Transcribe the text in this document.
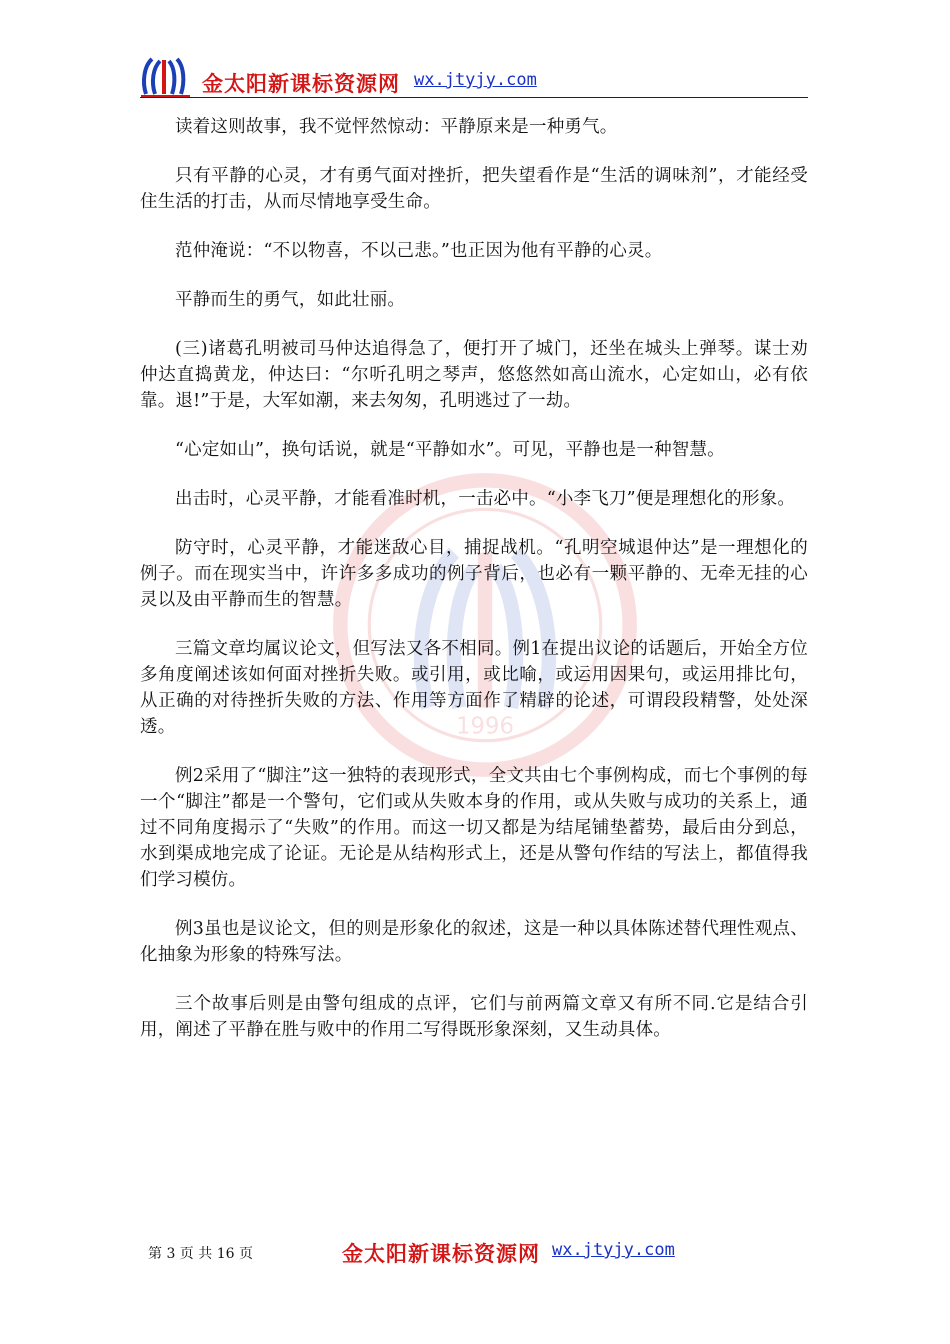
金太阳新课标资源网 wx.jtyjy.com
1996

读着这则故事，我不觉怦然惊动：平静原来是一种勇气。

只有平静的心灵，才有勇气面对挫折，把失望看作是“生活的调味剂”，才能经受住生活的打击，从而尽情地享受生命。

范仲淹说：“不以物喜，不以己悲。”也正因为他有平静的心灵。

平静而生的勇气，如此壮丽。

(三)诸葛孔明被司马仲达追得急了，便打开了城门，还坐在城头上弹琴。谋士劝仲达直捣黄龙，仲达曰：“尔听孔明之琴声，悠悠然如高山流水，心定如山，必有依靠。退!”于是，大军如潮，来去匆匆，孔明逃过了一劫。

“心定如山”，换句话说，就是“平静如水”。可见，平静也是一种智慧。

出击时，心灵平静，才能看准时机，一击必中。“小李飞刀”便是理想化的形象。

防守时，心灵平静，才能迷敌心目，捕捉战机。“孔明空城退仲达”是一理想化的例子。而在现实当中，许许多多成功的例子背后，也必有一颗平静的、无牵无挂的心灵以及由平静而生的智慧。

三篇文章均属议论文，但写法又各不相同。例1在提出议论的话题后，开始全方位多角度阐述该如何面对挫折失败。或引用，或比喻，或运用因果句，或运用排比句，从正确的对待挫折失败的方法、作用等方面作了精辟的论述，可谓段段精警，处处深透。

例2采用了“脚注”这一独特的表现形式，全文共由七个事例构成，而七个事例的每一个“脚注”都是一个警句，它们或从失败本身的作用，或从失败与成功的关系上，通过不同角度揭示了“失败”的作用。而这一切又都是为结尾铺垫蓄势，最后由分到总，水到渠成地完成了论证。无论是从结构形式上，还是从警句作结的写法上，都值得我们学习模仿。

例3虽也是议论文，但的则是形象化的叙述，这是一种以具体陈述替代理性观点、化抽象为形象的特殊写法。

三个故事后则是由警句组成的点评，它们与前两篇文章又有所不同.它是结合引用，阐述了平静在胜与败中的作用二写得既形象深刻，又生动具体。

第 3 页 共 16 页	金太阳新课标资源网 wx.jtyjy.com
